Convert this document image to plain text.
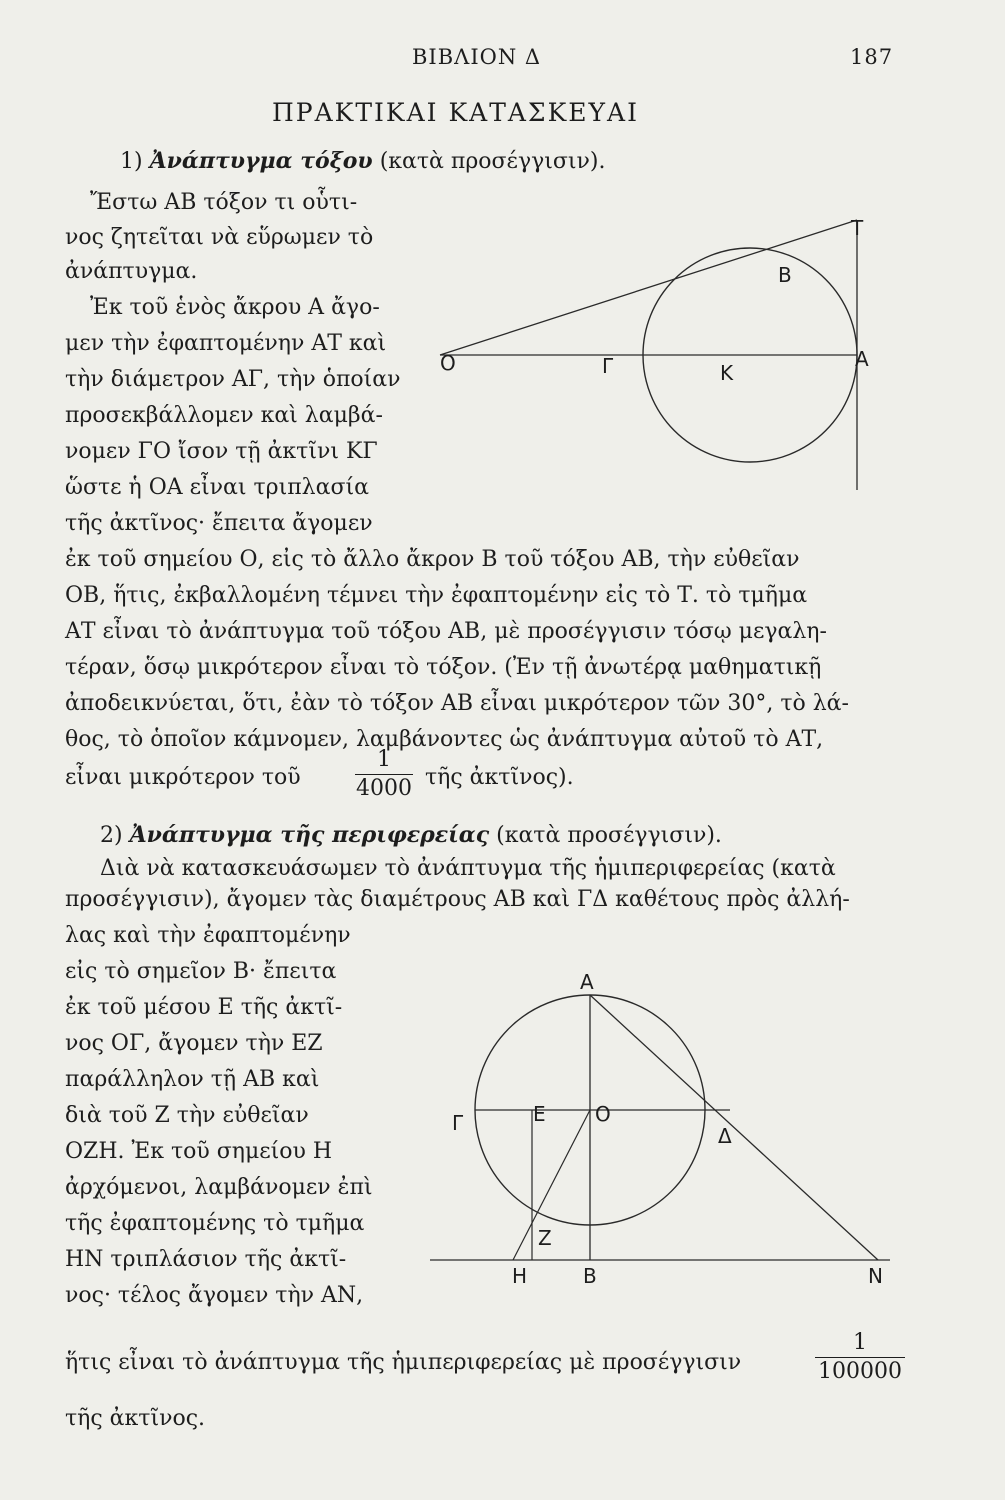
ΒΙΒΛΙΟΝ Δ	187
ΠΡΑΚΤΙΚΑΙ ΚΑΤΑΣΚΕΥΑΙ
1) Ἀνάπτυγμα τόξου (κατὰ προσέγγισιν).
Ἔστω ΑΒ τόξον τι οὗτι-
νος ζητεῖται νὰ εὕρωμεν τὸ
ἀνάπτυγμα.
Ἐκ τοῦ ἑνὸς ἄκρου Α ἄγο-
μεν τὴν ἐφαπτομένην ΑΤ καὶ
τὴν διάμετρον ΑΓ, τὴν ὁποίαν
προσεκβάλλομεν καὶ λαμβά-
νομεν ΓΟ ἴσον τῇ ἀκτῖνι ΚΓ
ὥστε ἡ ΟΑ εἶναι τριπλασία
τῆς ἀκτῖνος· ἔπειτα ἄγομεν
ἐκ τοῦ σημείου Ο, εἰς τὸ ἄλλο ἄκρον Β τοῦ τόξου ΑΒ, τὴν εὐθεῖαν
ΟΒ, ἥτις, ἐκβαλλομένη τέμνει τὴν ἐφαπτομένην εἰς τὸ Τ. τὸ τμῆμα
ΑΤ εἶναι τὸ ἀνάπτυγμα τοῦ τόξου ΑΒ, μὲ προσέγγισιν τόσῳ μεγαλη-
τέραν, ὅσῳ μικρότερον εἶναι τὸ τόξον. (Ἐν τῇ ἀνωτέρᾳ μαθηματικῇ
ἀποδεικνύεται, ὅτι, ἐὰν τὸ τόξον ΑΒ εἶναι μικρότερον τῶν 30°, τὸ λά-
θος, τὸ ὁποῖον κάμνομεν, λαμβάνοντες ὡς ἀνάπτυγμα αὐτοῦ τὸ ΑΤ,
εἶναι μικρότερον τοῦ
1
4000 τῆς ἀκτῖνος).
2) Ἀνάπτυγμα τῆς περιφερείας (κατὰ προσέγγισιν).
Διὰ νὰ κατασκευάσωμεν τὸ ἀνάπτυγμα τῆς ἡμιπεριφερείας (κατὰ
προσέγγισιν), ἄγομεν τὰς διαμέτρους ΑΒ καὶ ΓΔ καθέτους πρὸς ἀλλή-
λας καὶ τὴν ἐφαπτομένην
εἰς τὸ σημεῖον Β· ἔπειτα
ἐκ τοῦ μέσου Ε τῆς ἀκτῖ-
νος ΟΓ, ἄγομεν τὴν ΕΖ
παράλληλον τῇ ΑΒ καὶ
διὰ τοῦ Ζ τὴν εὐθεῖαν
ΟΖΗ. Ἐκ τοῦ σημείου Η
ἀρχόμενοι, λαμβάνομεν ἐπὶ
τῆς ἐφαπτομένης τὸ τμῆμα
ΗΝ τριπλάσιον τῆς ἀκτῖ-
νος· τέλος ἄγομεν τὴν ΑΝ,
ἥτις εἶναι τὸ ἀνάπτυγμα τῆς ἡμιπεριφερείας μὲ προσέγγισιν
1
100000
τῆς ἀκτῖνος.
Τ
Β
Ο	Γ	Κ
Α
Α
Γ	Ε Ο
Δ
Ζ
Η	Β	Ν
